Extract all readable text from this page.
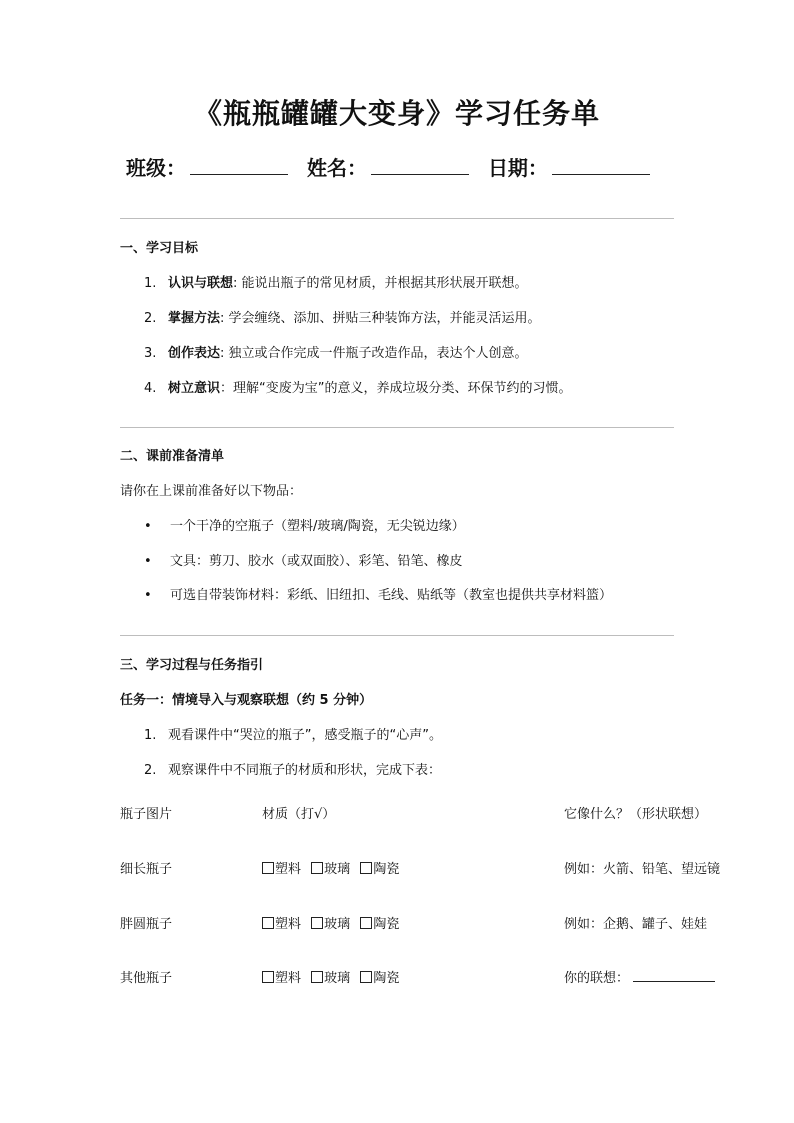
《瓶瓶罐罐大变身》学习任务单
班级：	姓名：	日期：
一、学习目标
1. 认识与联想: 能说出瓶子的常见材质，并根据其形状展开联想。
2. 掌握方法: 学会缠绕、添加、拼贴三种装饰方法，并能灵活运用。
3. 创作表达: 独立或合作完成一件瓶子改造作品，表达个人创意。
4. 树立意识：理解“变废为宝”的意义，养成垃圾分类、环保节约的习惯。
二、课前准备清单
请你在上课前准备好以下物品：
• 一个干净的空瓶子（塑料/玻璃/陶瓷，无尖锐边缘）
• 文具：剪刀、胶水（或双面胶）、彩笔、铅笔、橡皮
• 可选自带装饰材料：彩纸、旧纽扣、毛线、贴纸等（教室也提供共享材料篮）
三、学习过程与任务指引
任务一：情境导入与观察联想（约 5 分钟）
1. 观看课件中“哭泣的瓶子”，感受瓶子的“心声”。
2. 观察课件中不同瓶子的材质和形状，完成下表：
瓶子图片	材质（打√）	它像什么？（形状联想）
细长瓶子	塑料 玻璃 陶瓷	例如：火箭、铅笔、望远镜
胖圆瓶子	塑料 玻璃 陶瓷	例如：企鹅、罐子、娃娃
其他瓶子	塑料 玻璃 陶瓷	你的联想：
